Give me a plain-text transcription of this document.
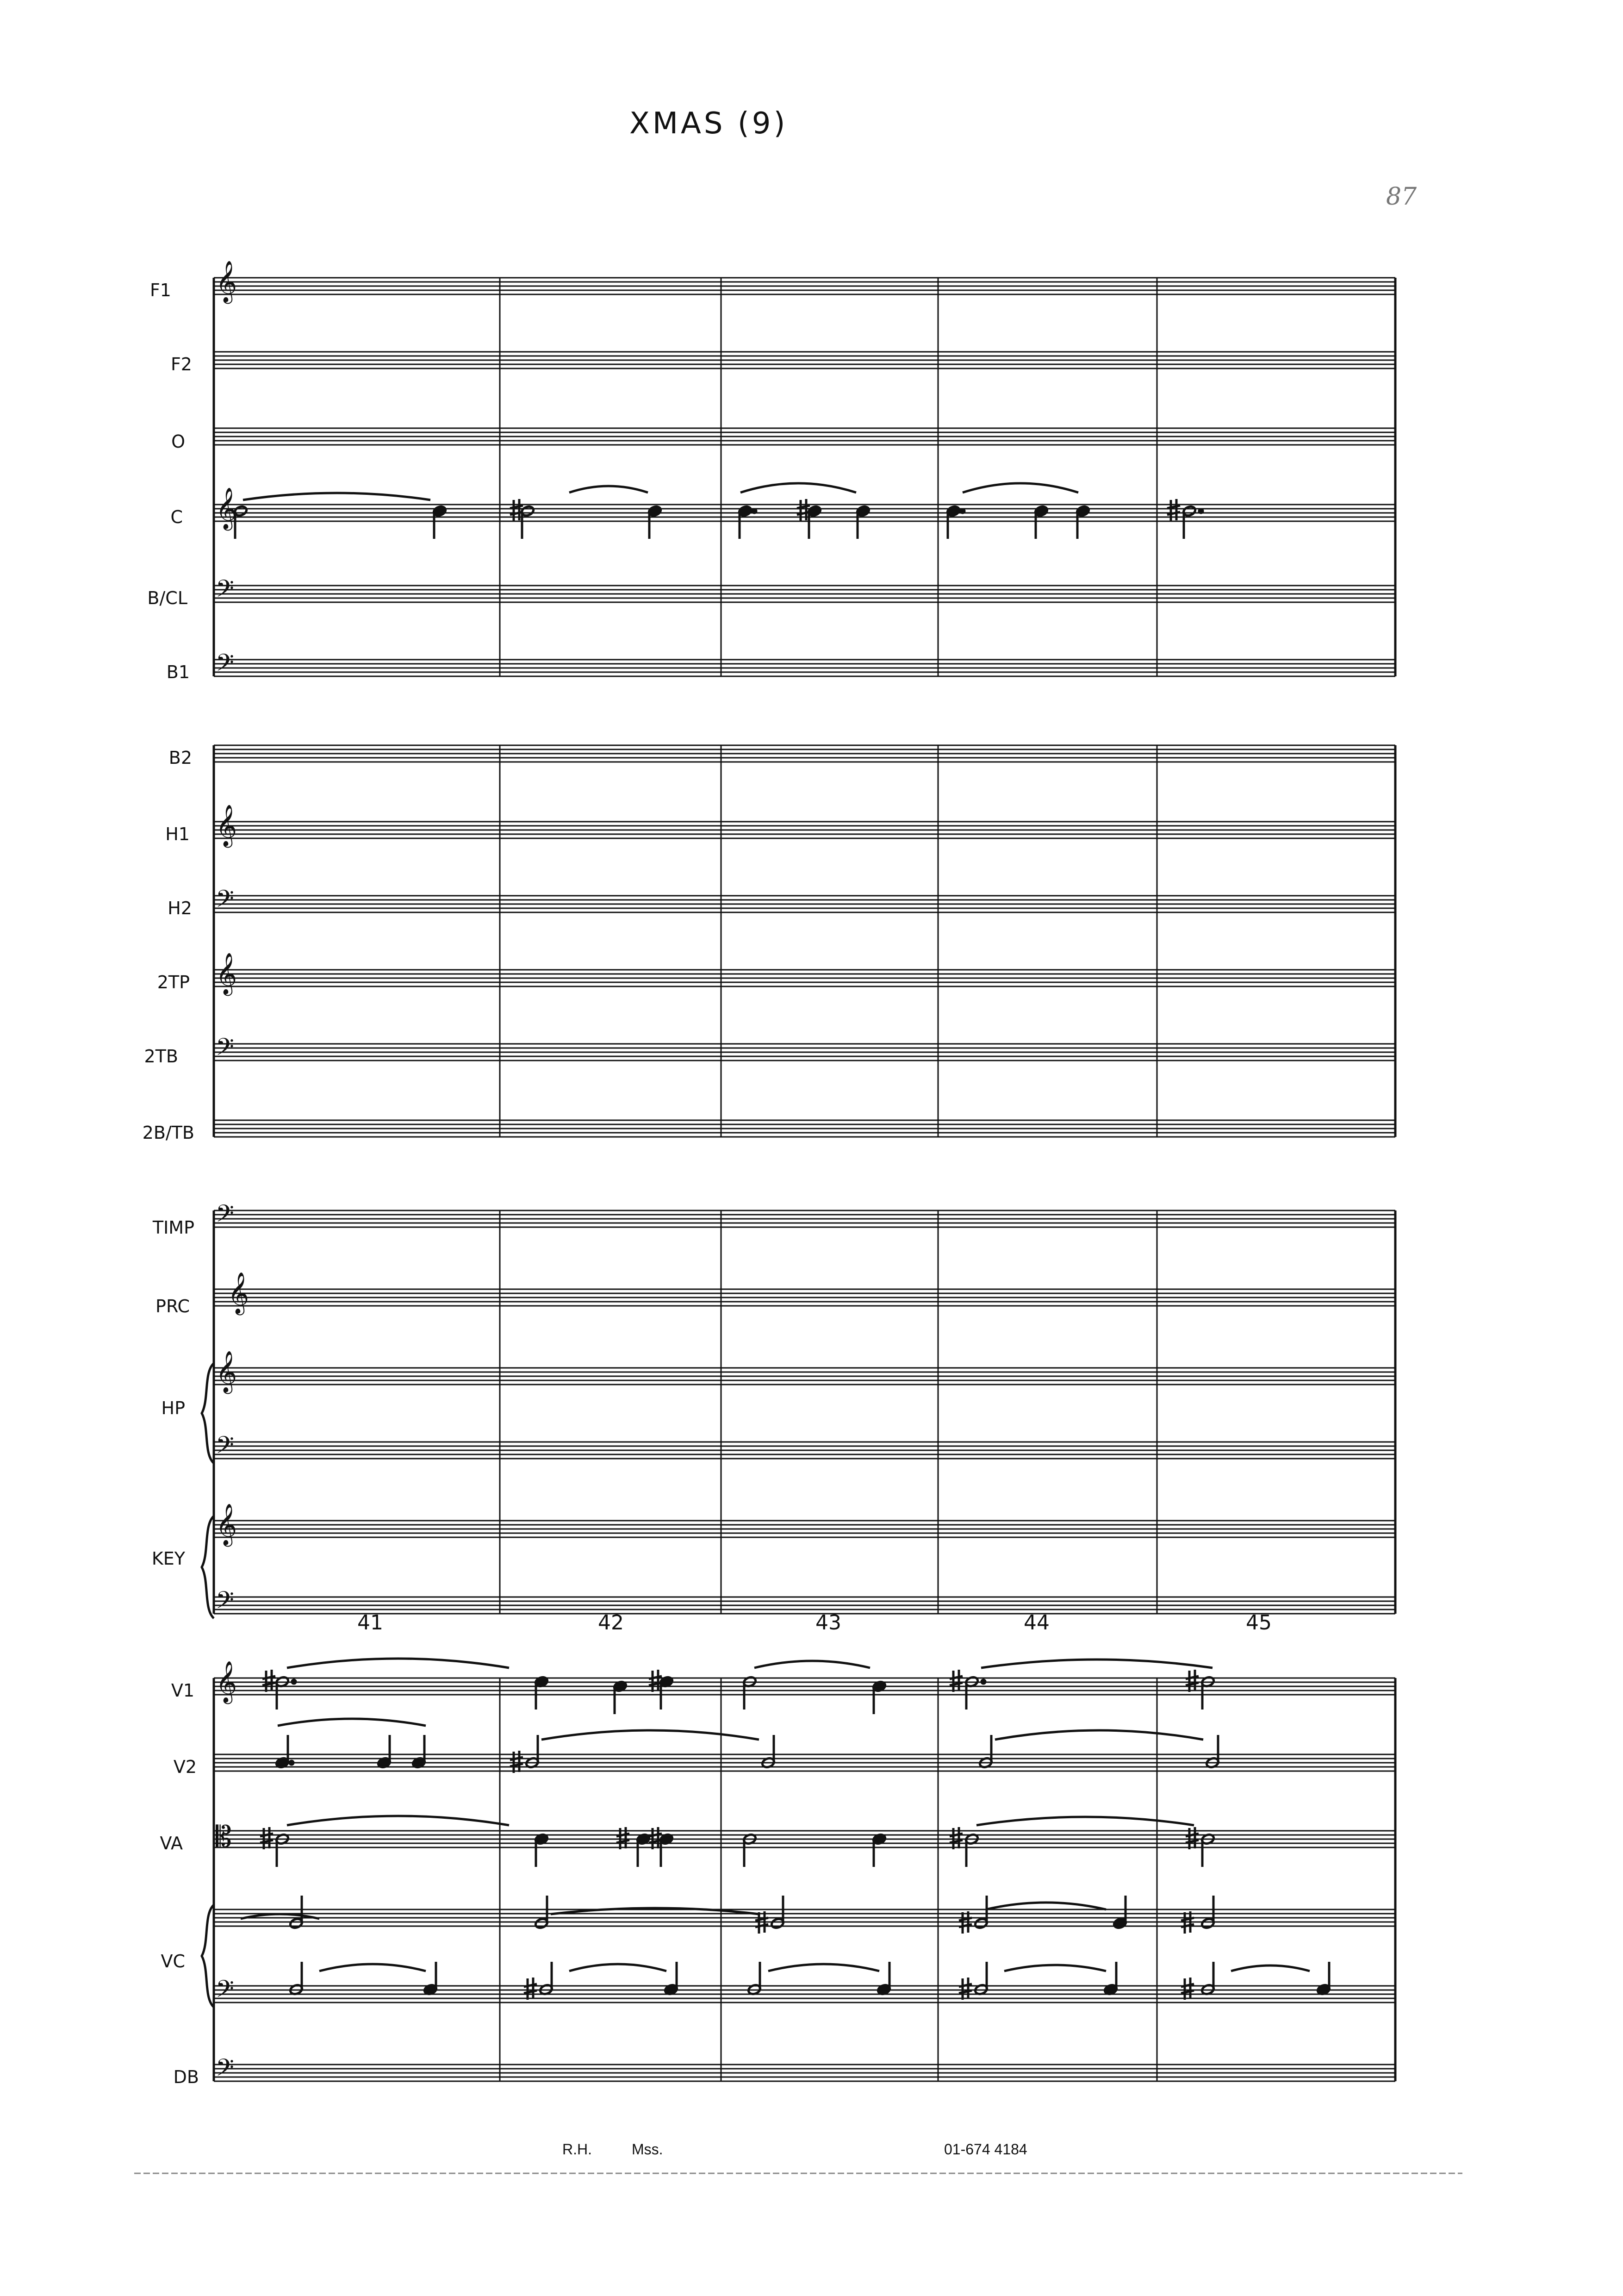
XMAS (9)
87
R.H.	Mss.	01-674 4184
F1
F2
O
C
B/CL
B1
𝄞
𝄞
𝄢
𝄢
B2
H1
H2
2TP
2TB
2B/TB
𝄞
𝄢
𝄞
𝄢
TIMP
PRC
HP
KEY
𝄢
𝄞
𝄞
𝄢
𝄞
𝄢
V1
V2
VA
VC
DB
𝄞
𝄡
𝄢
𝄢
41	42	43	44	45
